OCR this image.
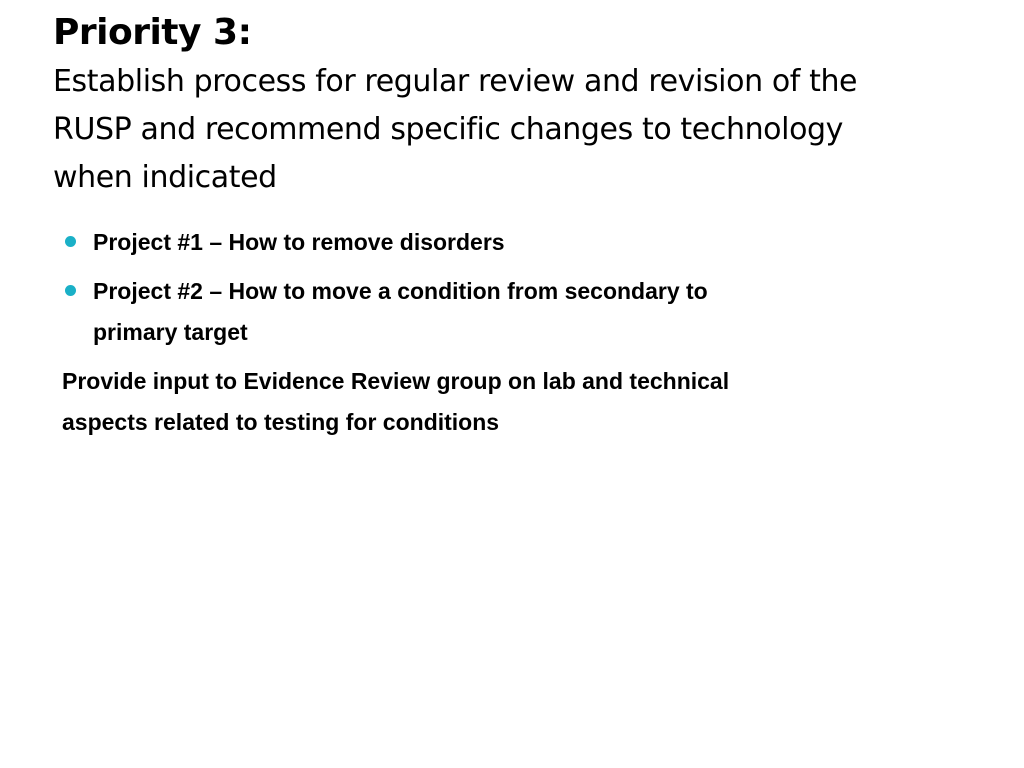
Priority 3:
Establish process for regular review and revision of the
RUSP and recommend specific changes to technology
when indicated
Project #1 – How to remove disorders
Project #2 – How to move a condition from secondary to
primary target
Provide input to Evidence Review group on lab and technical
aspects related to testing for conditions
